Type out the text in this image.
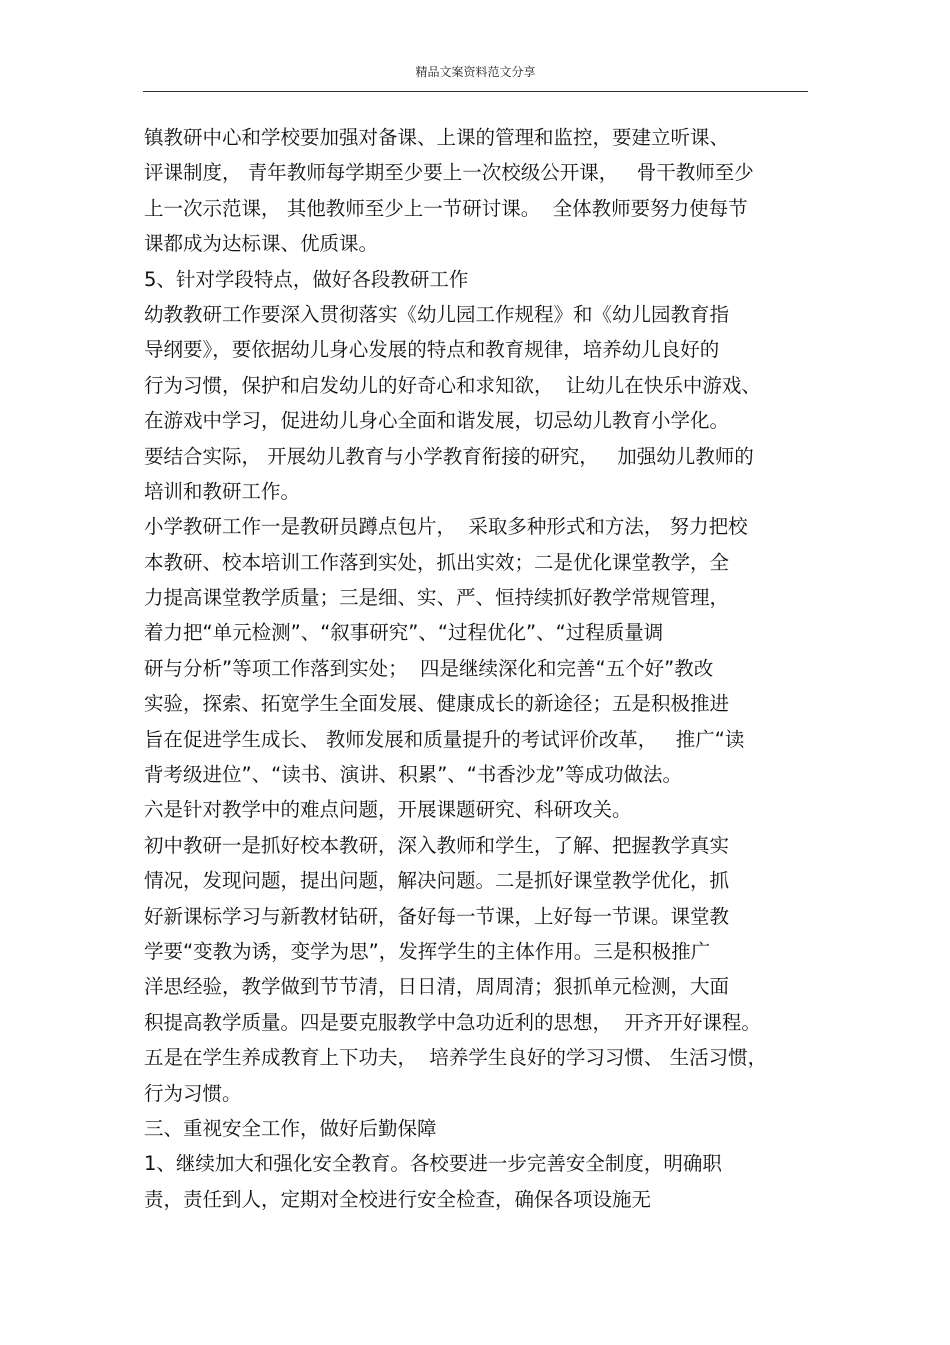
精品文案资料范文分享
镇教研中心和学校要加强对备课、上课的管理和监控，要建立听课、
评课制度， 青年教师每学期至少要上一次校级公开课，   骨干教师至少
上一次示范课， 其他教师至少上一节研讨课。  全体教师要努力使每节
课都成为达标课、优质课。
5、针对学段特点，做好各段教研工作
幼教教研工作要深入贯彻落实《幼儿园工作规程》和《幼儿园教育指
导纲要》，要依据幼儿身心发展的特点和教育规律，培养幼儿良好的
行为习惯，保护和启发幼儿的好奇心和求知欲，  让幼儿在快乐中游戏、
在游戏中学习，促进幼儿身心全面和谐发展，切忌幼儿教育小学化。
要结合实际， 开展幼儿教育与小学教育衔接的研究，   加强幼儿教师的
培训和教研工作。
小学教研工作一是教研员蹲点包片，  采取多种形式和方法， 努力把校
本教研、校本培训工作落到实处，抓出实效；二是优化课堂教学，全
力提高课堂教学质量；三是细、实、严、恒持续抓好教学常规管理，
着力把“单元检测”、“叙事研究”、“过程优化”、“过程质量调
研与分析”等项工作落到实处；  四是继续深化和完善“五个好”教改
实验，探索、拓宽学生全面发展、健康成长的新途径；五是积极推进
旨在促进学生成长、 教师发展和质量提升的考试评价改革，   推广“读
背考级进位”、“读书、演讲、积累”、“书香沙龙”等成功做法。
六是针对教学中的难点问题，开展课题研究、科研攻关。
初中教研一是抓好校本教研，深入教师和学生，了解、把握教学真实
情况，发现问题，提出问题，解决问题。二是抓好课堂教学优化，抓
好新课标学习与新教材钻研，备好每一节课，上好每一节课。课堂教
学要“变教为诱，变学为思”，发挥学生的主体作用。三是积极推广
洋思经验，教学做到节节清，日日清，周周清；狠抓单元检测，大面
积提高教学质量。四是要克服教学中急功近利的思想，  开齐开好课程。
五是在学生养成教育上下功夫，  培养学生良好的学习习惯、 生活习惯，
行为习惯。
三、重视安全工作，做好后勤保障
1、继续加大和强化安全教育。各校要进一步完善安全制度，明确职
责，责任到人，定期对全校进行安全检查，确保各项设施无
